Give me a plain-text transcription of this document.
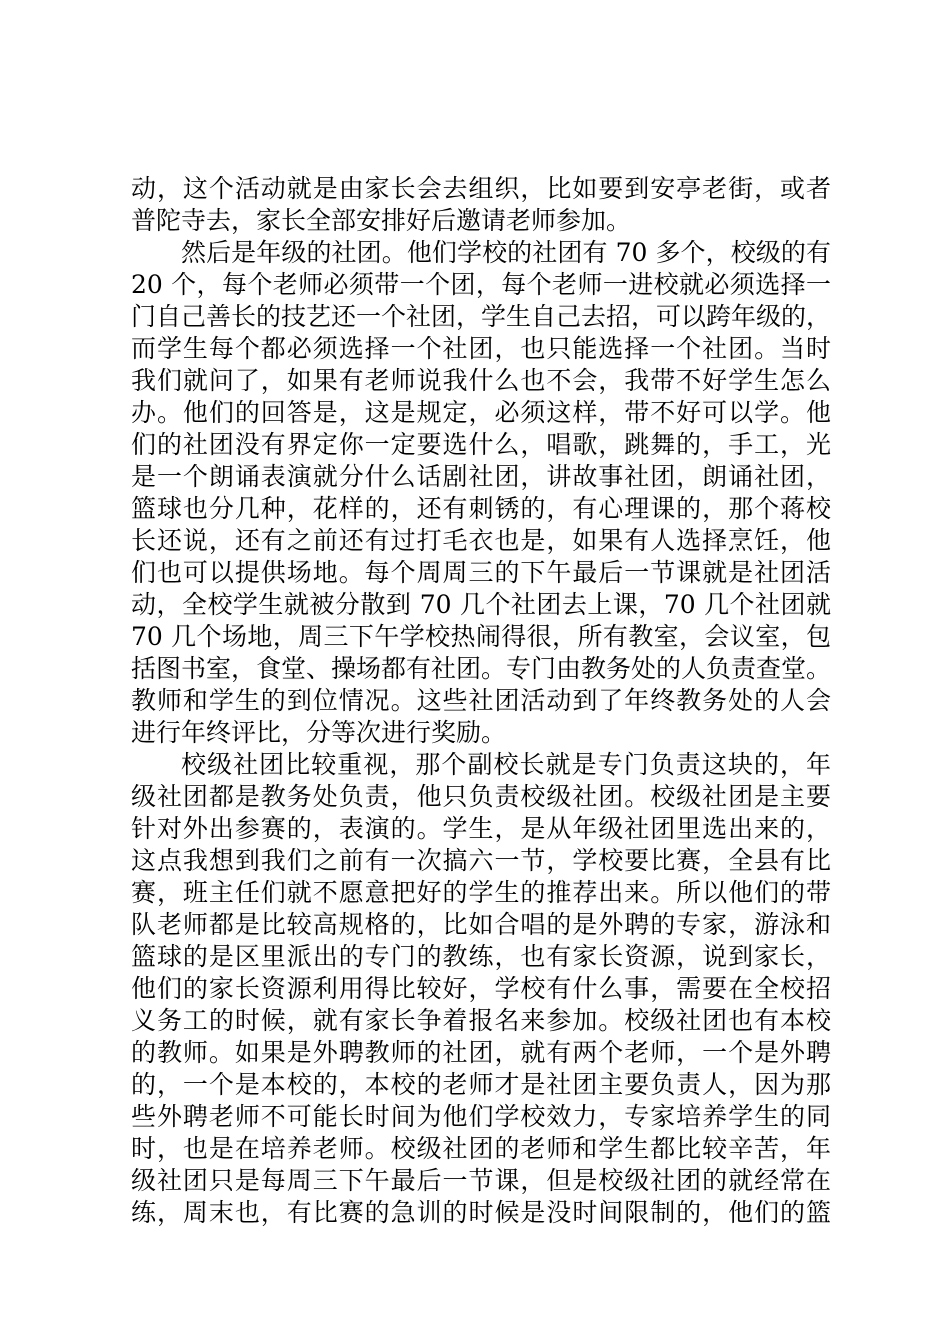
动，这个活动就是由家长会去组织，比如要到安亭老街，或者

普陀寺去，家长全部安排好后邀请老师参加。

然后是年级的社团。他们学校的社团有 70 多个，校级的有

20 个，每个老师必须带一个团，每个老师一进校就必须选择一

门自己善长的技艺还一个社团，学生自己去招，可以跨年级的，

而学生每个都必须选择一个社团，也只能选择一个社团。当时

我们就问了，如果有老师说我什么也不会，我带不好学生怎么

办。他们的回答是，这是规定，必须这样，带不好可以学。他

们的社团没有界定你一定要选什么，唱歌，跳舞的，手工，光

是一个朗诵表演就分什么话剧社团，讲故事社团，朗诵社团，

篮球也分几种，花样的，还有刺锈的，有心理课的，那个蒋校

长还说，还有之前还有过打毛衣也是，如果有人选择烹饪，他

们也可以提供场地。每个周周三的下午最后一节课就是社团活

动，全校学生就被分散到 70 几个社团去上课，70 几个社团就

70 几个场地，周三下午学校热闹得很，所有教室，会议室，包

括图书室，食堂、操场都有社团。专门由教务处的人负责查堂。

教师和学生的到位情况。这些社团活动到了年终教务处的人会

进行年终评比，分等次进行奖励。

校级社团比较重视，那个副校长就是专门负责这块的，年

级社团都是教务处负责，他只负责校级社团。校级社团是主要

针对外出参赛的，表演的。学生，是从年级社团里选出来的，

这点我想到我们之前有一次搞六一节，学校要比赛，全县有比

赛，班主任们就不愿意把好的学生的推荐出来。所以他们的带

队老师都是比较高规格的，比如合唱的是外聘的专家，游泳和

篮球的是区里派出的专门的教练，也有家长资源，说到家长，

他们的家长资源利用得比较好，学校有什么事，需要在全校招

义务工的时候，就有家长争着报名来参加。校级社团也有本校

的教师。如果是外聘教师的社团，就有两个老师，一个是外聘

的，一个是本校的，本校的老师才是社团主要负责人，因为那

些外聘老师不可能长时间为他们学校效力，专家培养学生的同

时，也是在培养老师。校级社团的老师和学生都比较辛苦，年

级社团只是每周三下午最后一节课，但是校级社团的就经常在

练，周末也，有比赛的急训的时候是没时间限制的，他们的篮
